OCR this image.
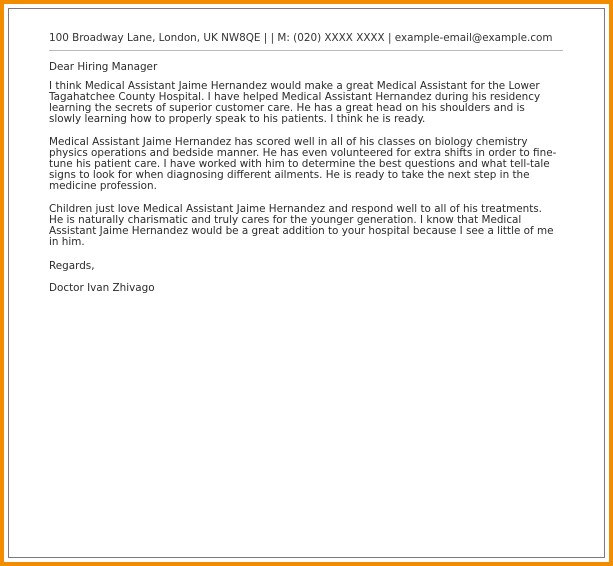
100 Broadway Lane, London, UK NW8QE | | M: (020) XXXX XXXX | example-email@example.com
Dear Hiring Manager
I think Medical Assistant Jaime Hernandez would make a great Medical Assistant for the Lower Tagahatchee County Hospital. I have helped Medical Assistant Hernandez during his residency learning the secrets of superior customer care. He has a great head on his shoulders and is slowly learning how to properly speak to his patients. I think he is ready.
Medical Assistant Jaime Hernandez has scored well in all of his classes on biology chemistry physics operations and bedside manner. He has even volunteered for extra shifts in order to fine-tune his patient care. I have worked with him to determine the best questions and what tell-tale signs to look for when diagnosing different ailments. He is ready to take the next step in the medicine profession.
Children just love Medical Assistant Jaime Hernandez and respond well to all of his treatments. He is naturally charismatic and truly cares for the younger generation. I know that Medical Assistant Jaime Hernandez would be a great addition to your hospital because I see a little of me in him.
Regards,
Doctor Ivan Zhivago
